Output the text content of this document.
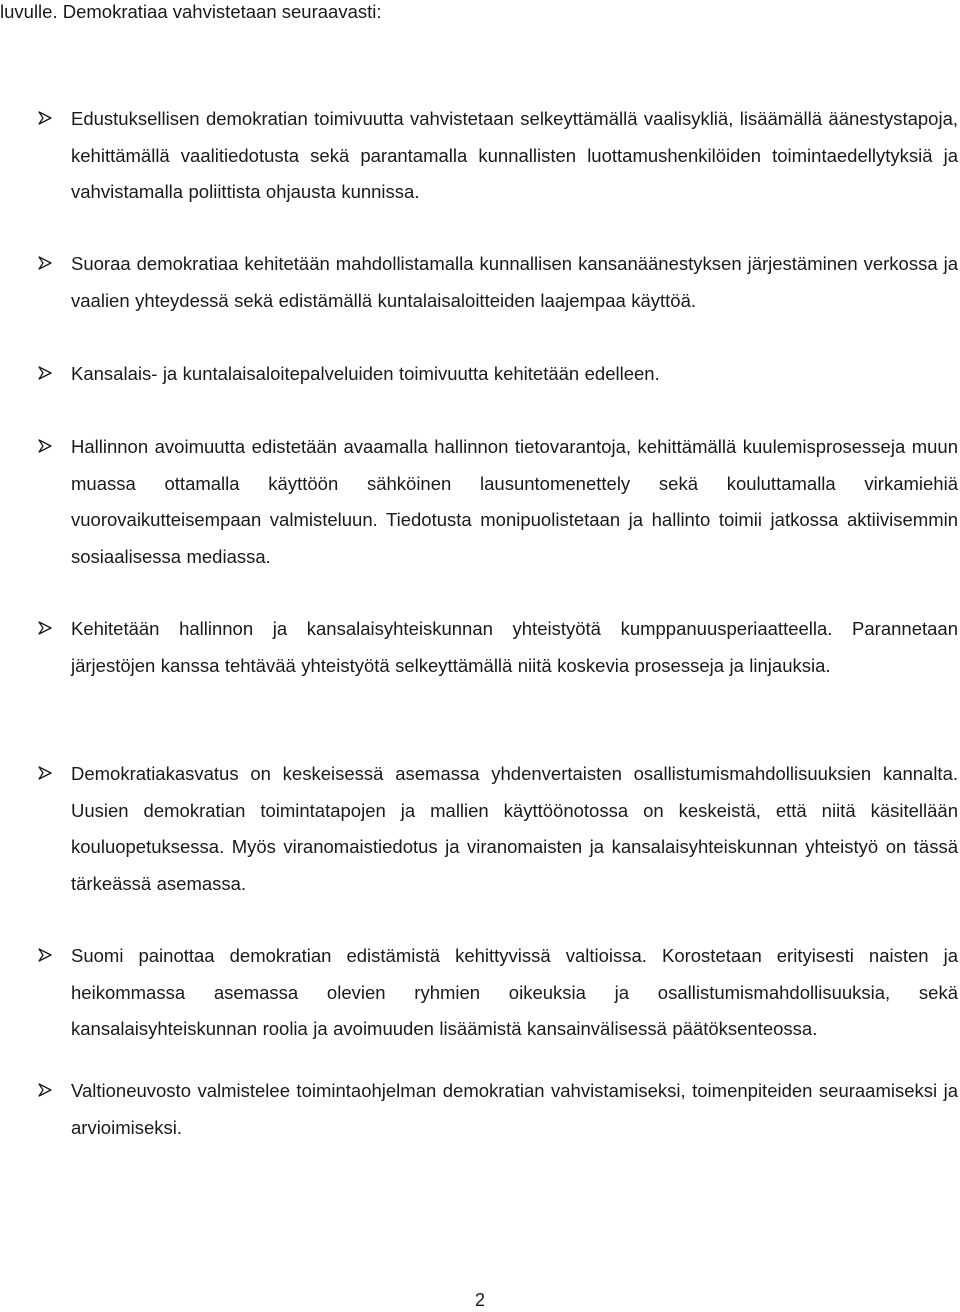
luvulle. Demokratiaa vahvistetaan seuraavasti:
Edustuksellisen demokratian toimivuutta vahvistetaan selkeyttämällä vaalisykliä, lisäämällä äänestystapoja, kehittämällä vaalitiedotusta sekä parantamalla kunnallisten luottamushenkilöiden toimintaedellytyksiä ja vahvistamalla poliittista ohjausta kunnissa.
Suoraa demokratiaa kehitetään mahdollistamalla kunnallisen kansanäänestyksen järjestäminen verkossa ja vaalien yhteydessä sekä edistämällä kuntalaisaloitteiden laajempaa käyttöä.
Kansalais- ja kuntalaisaloitepalveluiden toimivuutta kehitetään edelleen.
Hallinnon avoimuutta edistetään avaamalla hallinnon tietovarantoja, kehittämällä kuulemisprosesseja muun muassa ottamalla käyttöön sähköinen lausuntomenettely sekä kouluttamalla virkamiehiä vuorovaikutteisempaan valmisteluun. Tiedotusta monipuolistetaan ja hallinto toimii jatkossa aktiivisemmin sosiaalisessa mediassa.
Kehitetään hallinnon ja kansalaisyhteiskunnan yhteistyötä kumppanuusperiaatteella. Parannetaan järjestöjen kanssa tehtävää yhteistyötä selkeyttämällä niitä koskevia prosesseja ja linjauksia.
Demokratiakasvatus on keskeisessä asemassa yhdenvertaisten osallistumismahdollisuuksien kannalta. Uusien demokratian toimintatapojen ja mallien käyttöönotossa on keskeistä, että niitä käsitellään kouluopetuksessa. Myös viranomaistiedotus ja viranomaisten ja kansalaisyhteiskunnan yhteistyö on tässä tärkeässä asemassa.
Suomi painottaa demokratian edistämistä kehittyvissä valtioissa. Korostetaan erityisesti naisten ja heikommassa asemassa olevien ryhmien oikeuksia ja osallistumismahdollisuuksia, sekä kansalaisyhteiskunnan roolia ja avoimuuden lisäämistä kansainvälisessä päätöksenteossa.
Valtioneuvosto valmistelee toimintaohjelman demokratian vahvistamiseksi, toimenpiteiden seuraamiseksi ja arvioimiseksi.
2
